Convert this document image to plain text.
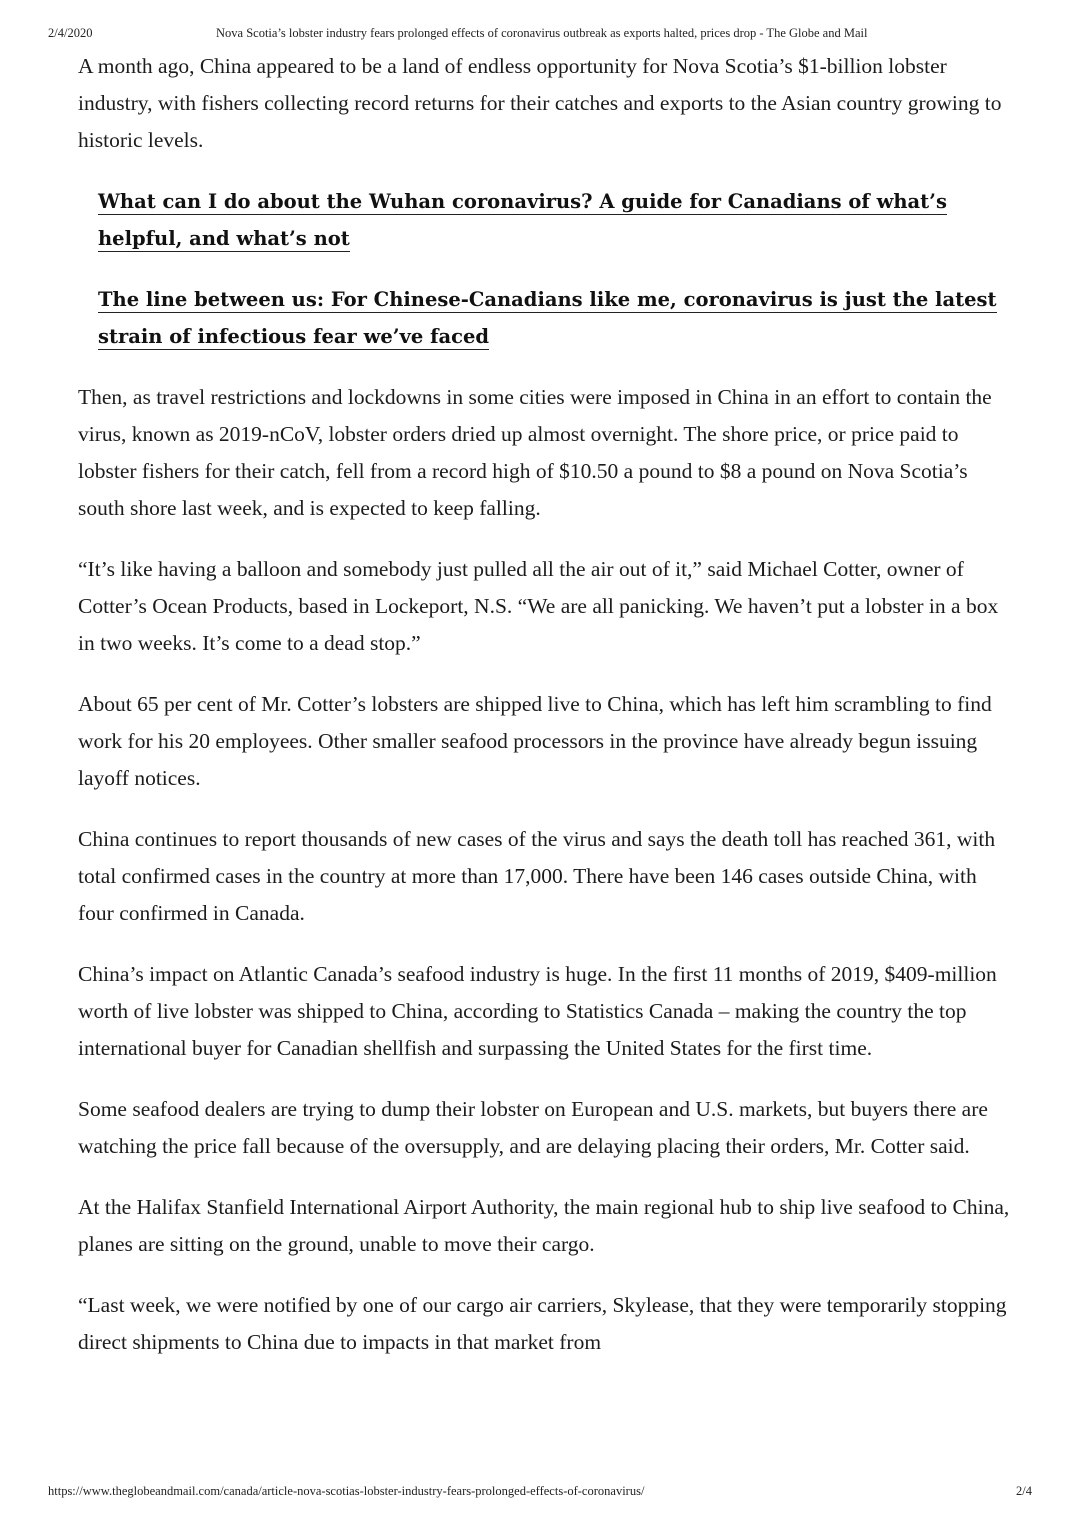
2/4/2020	Nova Scotia’s lobster industry fears prolonged effects of coronavirus outbreak as exports halted, prices drop - The Globe and Mail

A month ago, China appeared to be a land of endless opportunity for Nova Scotia’s $1-billion lobster industry, with fishers collecting record returns for their catches and exports to the Asian country growing to historic levels.

What can I do about the Wuhan coronavirus? A guide for Canadians of what’s helpful, and what’s not
The line between us: For Chinese-Canadians like me, coronavirus is just the latest strain of infectious fear we’ve faced

Then, as travel restrictions and lockdowns in some cities were imposed in China in an effort to contain the virus, known as 2019-nCoV, lobster orders dried up almost overnight. The shore price, or price paid to lobster fishers for their catch, fell from a record high of $10.50 a pound to $8 a pound on Nova Scotia’s south shore last week, and is expected to keep falling.

“It’s like having a balloon and somebody just pulled all the air out of it,” said Michael Cotter, owner of Cotter’s Ocean Products, based in Lockeport, N.S. “We are all panicking. We haven’t put a lobster in a box in two weeks. It’s come to a dead stop.”

About 65 per cent of Mr. Cotter’s lobsters are shipped live to China, which has left him scrambling to find work for his 20 employees. Other smaller seafood processors in the province have already begun issuing layoff notices.

China continues to report thousands of new cases of the virus and says the death toll has reached 361, with total confirmed cases in the country at more than 17,000. There have been 146 cases outside China, with four confirmed in Canada.

China’s impact on Atlantic Canada’s seafood industry is huge. In the first 11 months of 2019, $409-million worth of live lobster was shipped to China, according to Statistics Canada – making the country the top international buyer for Canadian shellfish and surpassing the United States for the first time.

Some seafood dealers are trying to dump their lobster on European and U.S. markets, but buyers there are watching the price fall because of the oversupply, and are delaying placing their orders, Mr. Cotter said.

At the Halifax Stanfield International Airport Authority, the main regional hub to ship live seafood to China, planes are sitting on the ground, unable to move their cargo.

“Last week, we were notified by one of our cargo air carriers, Skylease, that they were temporarily stopping direct shipments to China due to impacts in that market from

https://www.theglobeandmail.com/canada/article-nova-scotias-lobster-industry-fears-prolonged-effects-of-coronavirus/	2/4
